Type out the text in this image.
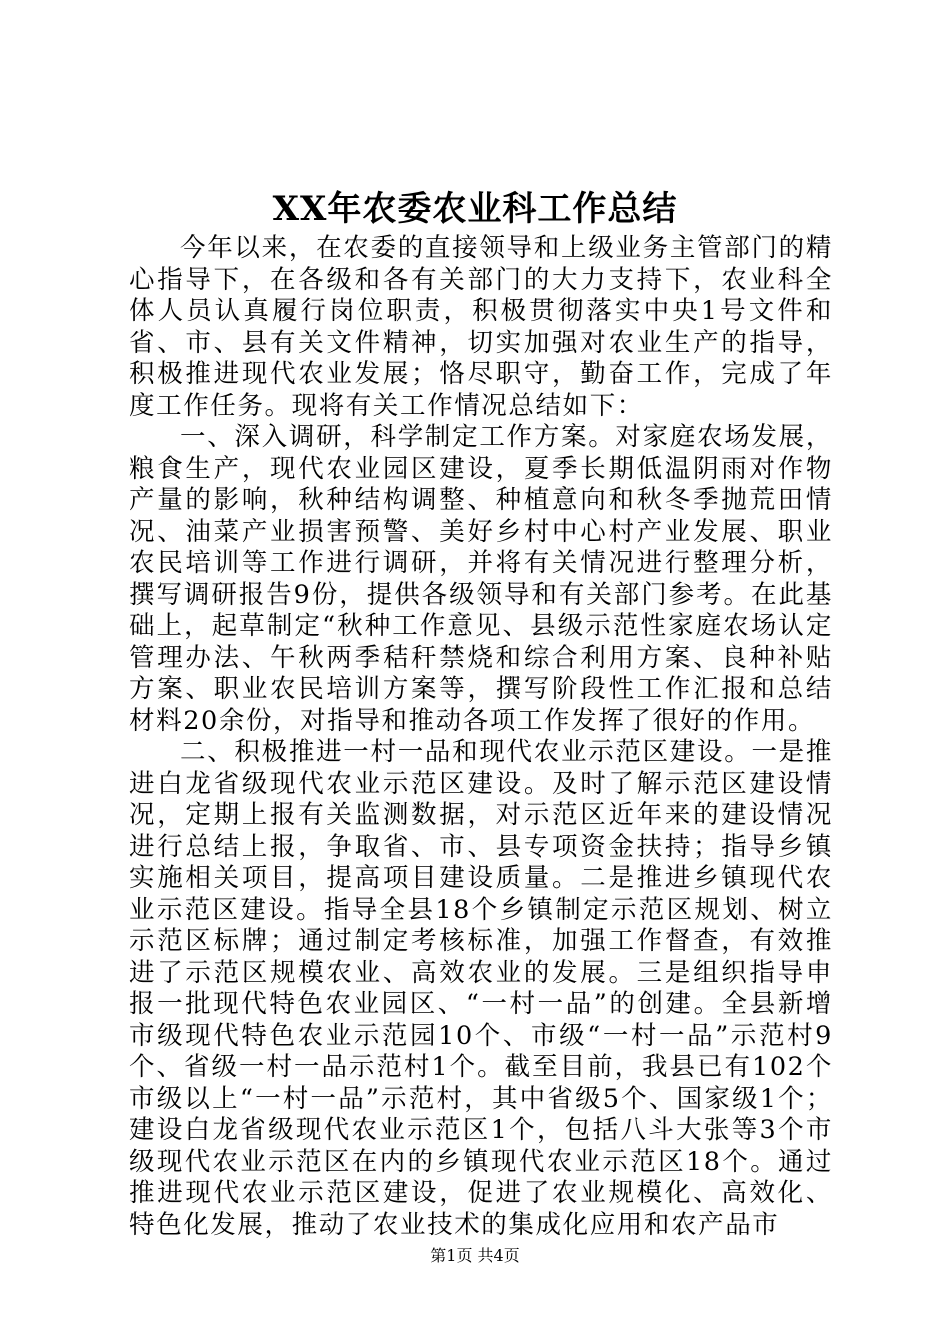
XX年农委农业科工作总结

今年以来，在农委的直接领导和上级业务主管部门的精心指导下，在各级和各有关部门的大力支持下，农业科全体人员认真履行岗位职责，积极贯彻落实中央1号文件和省、市、县有关文件精神，切实加强对农业生产的指导，积极推进现代农业发展；恪尽职守，勤奋工作，完成了年度工作任务。现将有关工作情况总结如下：

一、深入调研，科学制定工作方案。对家庭农场发展，粮食生产，现代农业园区建设，夏季长期低温阴雨对作物产量的影响，秋种结构调整、种植意向和秋冬季抛荒田情况、油菜产业损害预警、美好乡村中心村产业发展、职业农民培训等工作进行调研，并将有关情况进行整理分析，撰写调研报告9份，提供各级领导和有关部门参考。在此基础上，起草制定“秋种工作意见、县级示范性家庭农场认定管理办法、午秋两季秸秆禁烧和综合利用方案、良种补贴方案、职业农民培训方案等，撰写阶段性工作汇报和总结材料20余份，对指导和推动各项工作发挥了很好的作用。

二、积极推进一村一品和现代农业示范区建设。一是推进白龙省级现代农业示范区建设。及时了解示范区建设情况，定期上报有关监测数据，对示范区近年来的建设情况进行总结上报，争取省、市、县专项资金扶持；指导乡镇实施相关项目，提高项目建设质量。二是推进乡镇现代农业示范区建设。指导全县18个乡镇制定示范区规划、树立示范区标牌；通过制定考核标准，加强工作督查，有效推进了示范区规模农业、高效农业的发展。三是组织指导申报一批现代特色农业园区、“一村一品”的创建。全县新增市级现代特色农业示范园10个、市级“一村一品”示范村9个、省级一村一品示范村1个。截至目前，我县已有102个市级以上“一村一品”示范村，其中省级5个、国家级1个；建设白龙省级现代农业示范区1个，包括八斗大张等3个市级现代农业示范区在内的乡镇现代农业示范区18个。通过推进现代农业示范区建设，促进了农业规模化、高效化、特色化发展，推动了农业技术的集成化应用和农产品市

第1页 共4页
